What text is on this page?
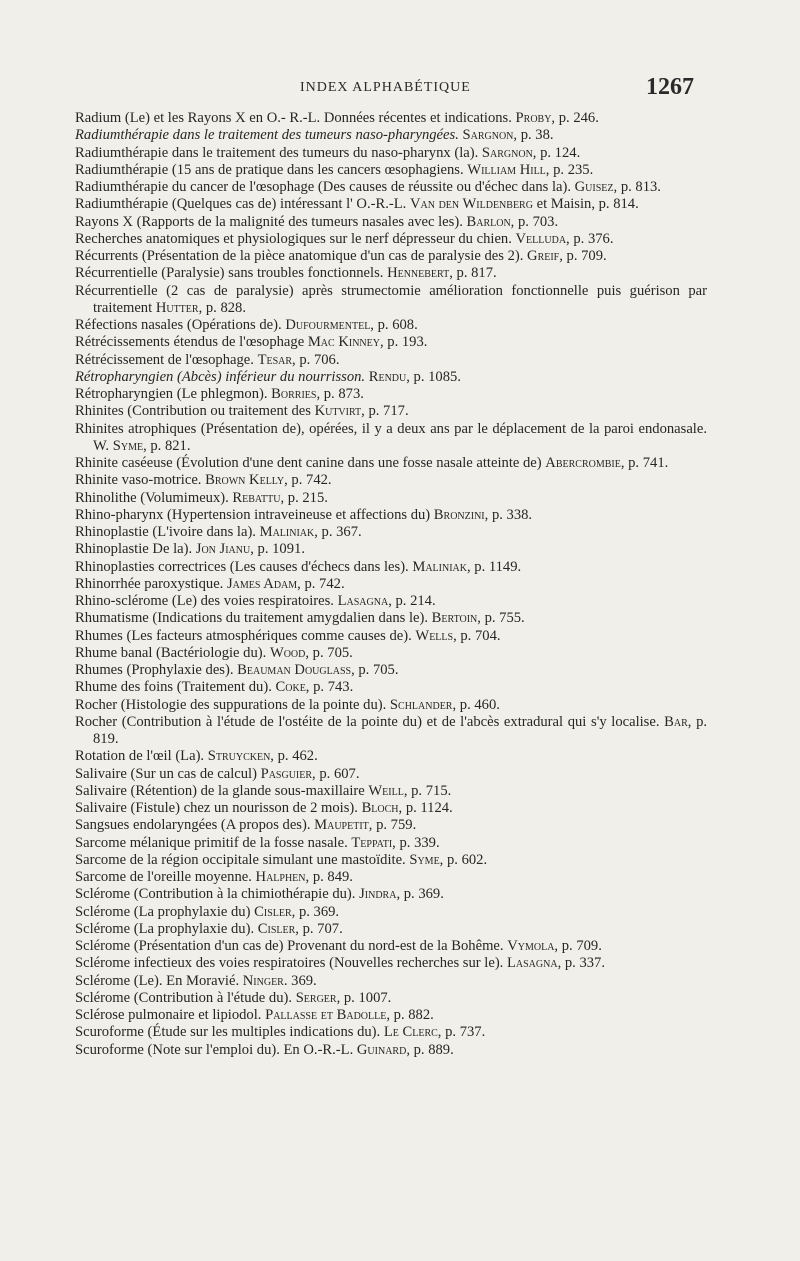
INDEX ALPHABÉTIQUE	1267
Radium (Le) et les Rayons X en O.- R.-L. Données récentes et indications. Proby, p. 246.
Radiumthérapie dans le traitement des tumeurs naso-pharyngées. Sargnon, p. 38.
Radiumthérapie dans le traitement des tumeurs du naso-pharynx (la). Sargnon, p. 124.
Radiumthérapie (15 ans de pratique dans les cancers œsophagiens. William Hill, p. 235.
Radiumthérapie du cancer de l'œsophage (Des causes de réussite ou d'échec dans la). Guisez, p. 813.
Radiumthérapie (Quelques cas de) intéressant l' O.-R.-L. Van den Wildenberg et Maisin, p. 814.
Rayons X (Rapports de la malignité des tumeurs nasales avec les). Barlon, p. 703.
Recherches anatomiques et physiologiques sur le nerf dépresseur du chien. Velluda, p. 376.
Récurrents (Présentation de la pièce anatomique d'un cas de paralysie des 2). Greif, p. 709.
Récurrentielle (Paralysie) sans troubles fonctionnels. Hennebert, p. 817.
Récurrentielle (2 cas de paralysie) après strumectomie amélioration fonctionnelle puis guérison par traitement Hutter, p. 828.
Réfections nasales (Opérations de). Dufourmentel, p. 608.
Rétrécissements étendus de l'œsophage Mac Kinney, p. 193.
Rétrécissement de l'œsophage. Tesar, p. 706.
Rétropharyngien (Abcès) inférieur du nourrisson. Rendu, p. 1085.
Rétropharyngien (Le phlegmon). Borries, p. 873.
Rhinites (Contribution ou traitement des Kutvirt, p. 717.
Rhinites atrophiques (Présentation de), opérées, il y a deux ans par le déplacement de la paroi endonasale. W. Syme, p. 821.
Rhinite caséeuse (Évolution d'une dent canine dans une fosse nasale atteinte de) Abercrombie, p. 741.
Rhinite vaso-motrice. Brown Kelly, p. 742.
Rhinolithe (Volumimeux). Rebattu, p. 215.
Rhino-pharynx (Hypertension intraveineuse et affections du) Bronzini, p. 338.
Rhinoplastie (L'ivoire dans la). Maliniak, p. 367.
Rhinoplastie De la). Jon Jianu, p. 1091.
Rhinoplasties correctrices (Les causes d'échecs dans les). Maliniak, p. 1149.
Rhinorrhée paroxystique. James Adam, p. 742.
Rhino-sclérome (Le) des voies respiratoires. Lasagna, p. 214.
Rhumatisme (Indications du traitement amygdalien dans le). Bertoin, p. 755.
Rhumes (Les facteurs atmosphériques comme causes de). Wells, p. 704.
Rhume banal (Bactériologie du). Wood, p. 705.
Rhumes (Prophylaxie des). Beauman Douglass, p. 705.
Rhume des foins (Traitement du). Coke, p. 743.
Rocher (Histologie des suppurations de la pointe du). Schlander, p. 460.
Rocher (Contribution à l'étude de l'ostéite de la pointe du) et de l'abcès extradural qui s'y localise. Bar, p. 819.
Rotation de l'œil (La). Struycken, p. 462.
Salivaire (Sur un cas de calcul) Pasguier, p. 607.
Salivaire (Rétention) de la glande sous-maxillaire Weill, p. 715.
Salivaire (Fistule) chez un nourisson de 2 mois). Bloch, p. 1124.
Sangsues endolaryngées (A propos des). Maupetit, p. 759.
Sarcome mélanique primitif de la fosse nasale. Teppati, p. 339.
Sarcome de la région occipitale simulant une mastoïdite. Syme, p. 602.
Sarcome de l'oreille moyenne. Halphen, p. 849.
Sclérome (Contribution à la chimiothérapie du). Jindra, p. 369.
Sclérome (La prophylaxie du) Cisler, p. 369.
Sclérome (La prophylaxie du). Cisler, p. 707.
Sclérome (Présentation d'un cas de) Provenant du nord-est de la Bohême. Vymola, p. 709.
Sclérome infectieux des voies respiratoires (Nouvelles recherches sur le). Lasagna, p. 337.
Sclérome (Le). En Moravié. Ninger. 369.
Sclérome (Contribution à l'étude du). Serger, p. 1007.
Sclérose pulmonaire et lipiodol. Pallasse et Badolle, p. 882.
Scuroforme (Étude sur les multiples indications du). Le Clerc, p. 737.
Scuroforme (Note sur l'emploi du). En O.-R.-L. Guinard, p. 889.
